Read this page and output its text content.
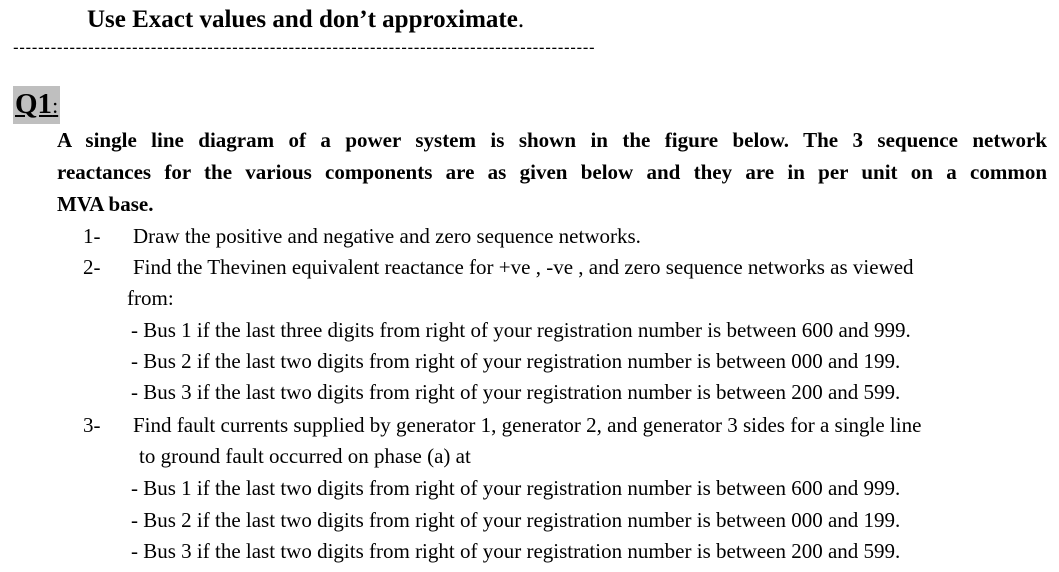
Use Exact values and don’t approximate.
---------------------------------------------------------------------------------------------
Q1:
A single line diagram of a power system is shown in the figure below. The 3 sequence network
reactances for the various components are as given below and they are in per unit on a common
MVA base.
1- Draw the positive and negative and zero sequence networks.
2- Find the Thevinen equivalent reactance for +ve , -ve , and zero sequence networks as viewed
from:
- Bus 1 if the last three digits from right of your registration number is between 600 and 999.
- Bus 2 if the last two digits from right of your registration number is between 000 and 199.
- Bus 3 if the last two digits from right of your registration number is between 200 and 599.
3- Find fault currents supplied by generator 1, generator 2, and generator 3 sides for a single line
to ground fault occurred on phase (a) at
- Bus 1 if the last two digits from right of your registration number is between 600 and 999.
- Bus 2 if the last two digits from right of your registration number is between 000 and 199.
- Bus 3 if the last two digits from right of your registration number is between 200 and 599.
